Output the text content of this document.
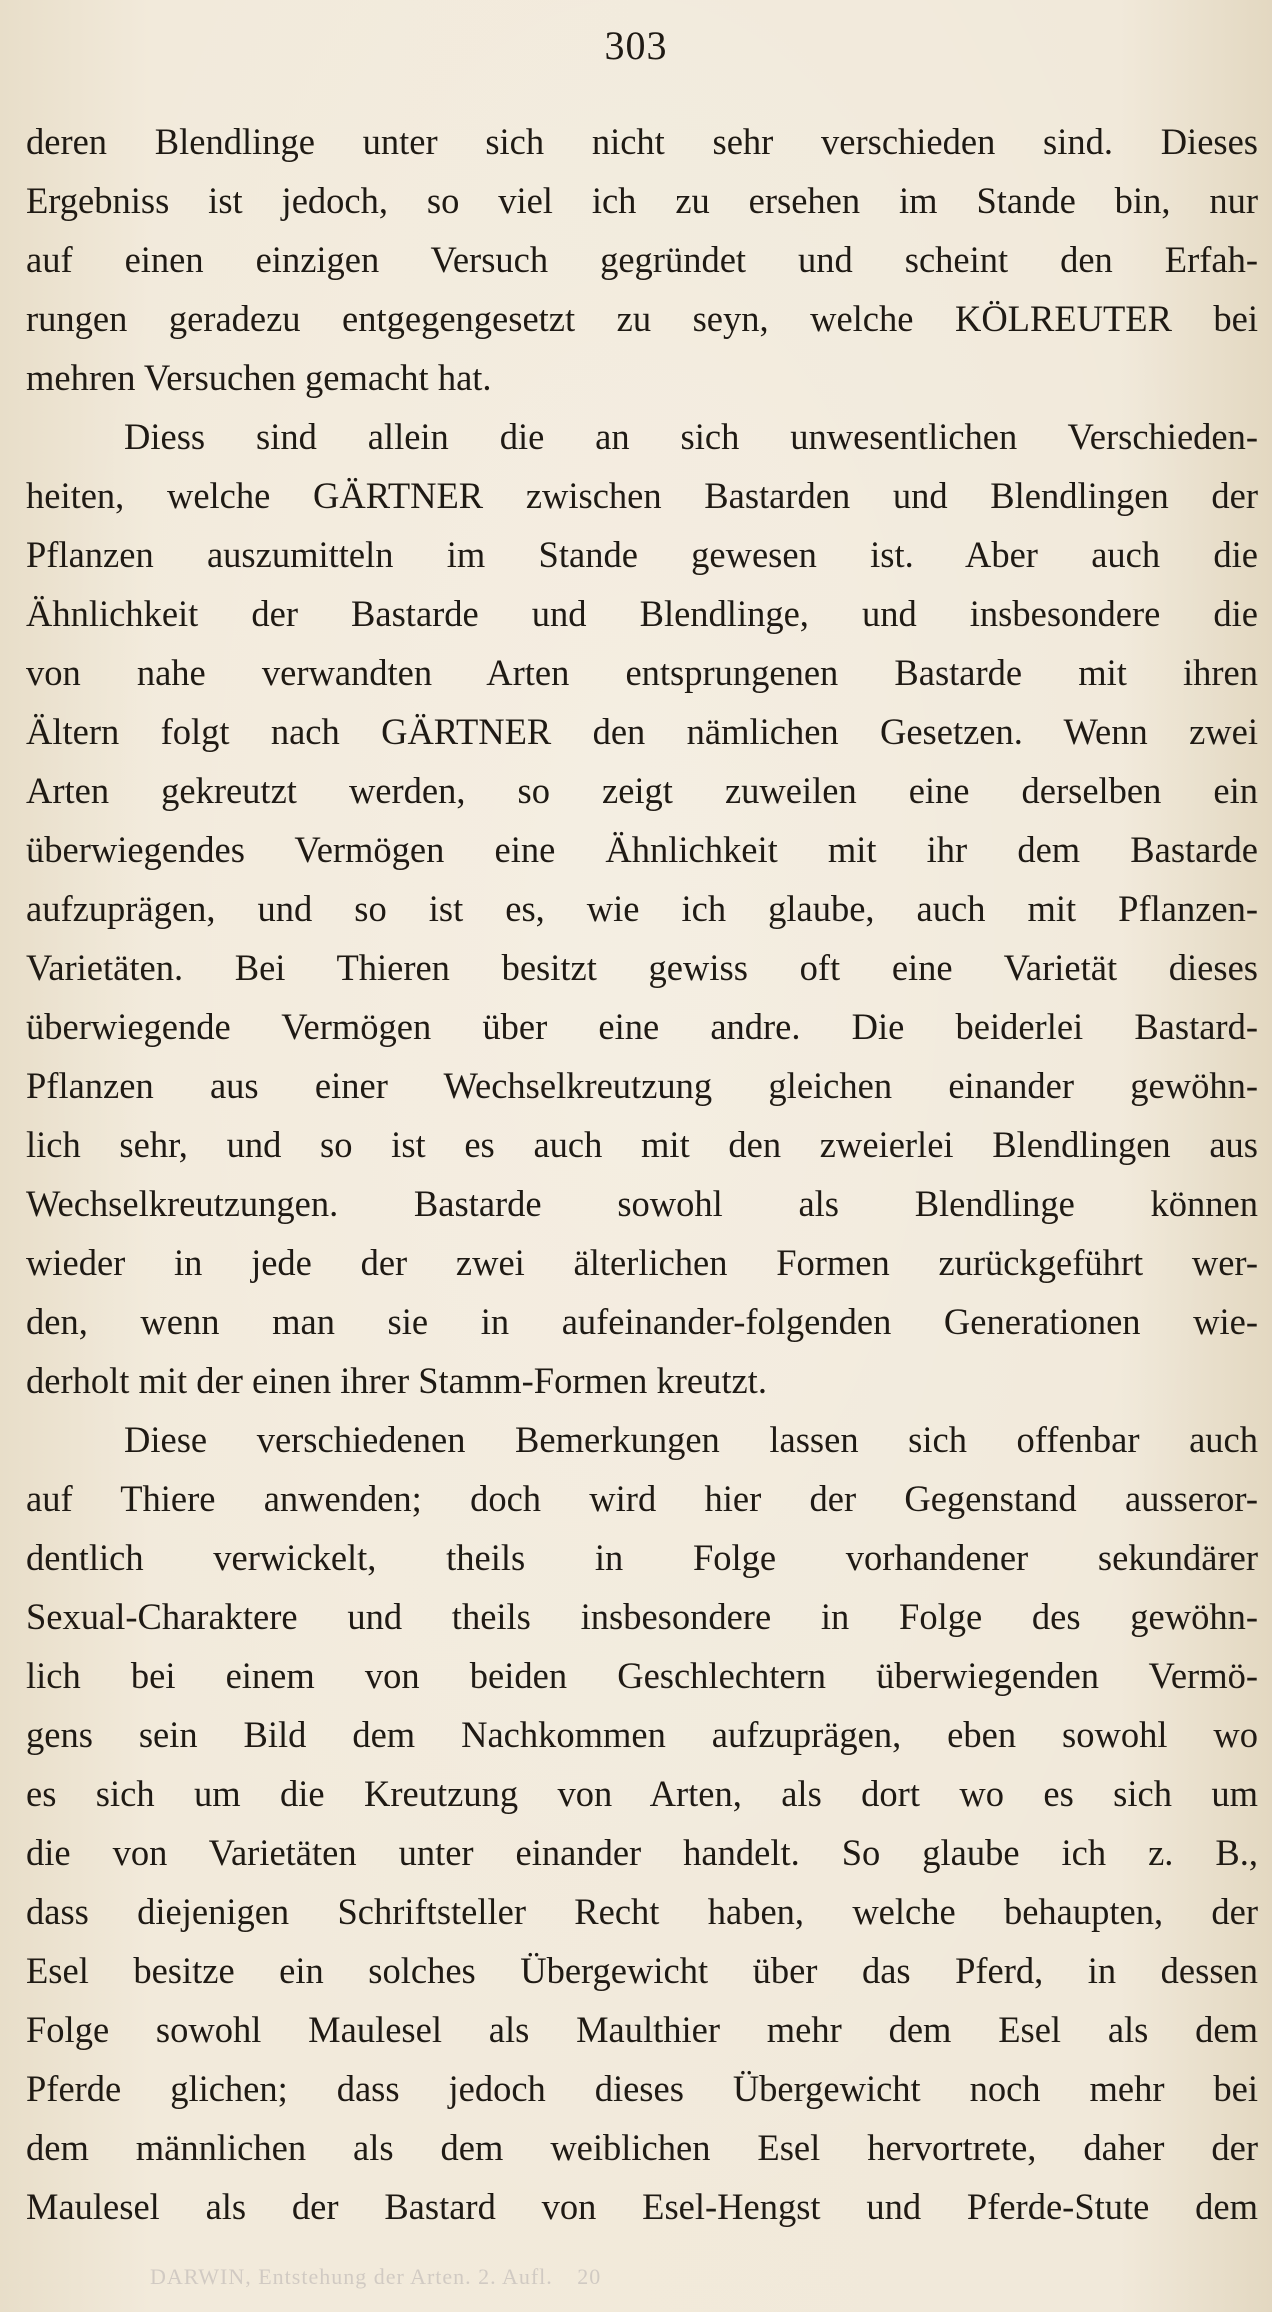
303
deren Blendlinge unter sich nicht sehr verschieden sind. Dieses
Ergebniss ist jedoch, so viel ich zu ersehen im Stande bin, nur
auf einen einzigen Versuch gegründet und scheint den Erfah-
rungen geradezu entgegengesetzt zu seyn, welche KÖLREUTER bei
mehren Versuchen gemacht hat.
Diess sind allein die an sich unwesentlichen Verschieden-
heiten, welche GÄRTNER zwischen Bastarden und Blendlingen der
Pflanzen auszumitteln im Stande gewesen ist. Aber auch die
Ähnlichkeit der Bastarde und Blendlinge, und insbesondere die
von nahe verwandten Arten entsprungenen Bastarde mit ihren
Ältern folgt nach GÄRTNER den nämlichen Gesetzen. Wenn zwei
Arten gekreutzt werden, so zeigt zuweilen eine derselben ein
überwiegendes Vermögen eine Ähnlichkeit mit ihr dem Bastarde
aufzuprägen, und so ist es, wie ich glaube, auch mit Pflanzen-
Varietäten. Bei Thieren besitzt gewiss oft eine Varietät dieses
überwiegende Vermögen über eine andre. Die beiderlei Bastard-
Pflanzen aus einer Wechselkreutzung gleichen einander gewöhn-
lich sehr, und so ist es auch mit den zweierlei Blendlingen aus
Wechselkreutzungen. Bastarde sowohl als Blendlinge können
wieder in jede der zwei älterlichen Formen zurückgeführt wer-
den, wenn man sie in aufeinander-folgenden Generationen wie-
derholt mit der einen ihrer Stamm-Formen kreutzt.
Diese verschiedenen Bemerkungen lassen sich offenbar auch
auf Thiere anwenden; doch wird hier der Gegenstand ausseror-
dentlich verwickelt, theils in Folge vorhandener sekundärer
Sexual-Charaktere und theils insbesondere in Folge des gewöhn-
lich bei einem von beiden Geschlechtern überwiegenden Vermö-
gens sein Bild dem Nachkommen aufzuprägen, eben sowohl wo
es sich um die Kreutzung von Arten, als dort wo es sich um
die von Varietäten unter einander handelt. So glaube ich z. B.,
dass diejenigen Schriftsteller Recht haben, welche behaupten, der
Esel besitze ein solches Übergewicht über das Pferd, in dessen
Folge sowohl Maulesel als Maulthier mehr dem Esel als dem
Pferde glichen; dass jedoch dieses Übergewicht noch mehr bei
dem männlichen als dem weiblichen Esel hervortrete, daher der
Maulesel als der Bastard von Esel-Hengst und Pferde-Stute dem
DARWIN, Entstehung der Arten. 2. Aufl. 20
